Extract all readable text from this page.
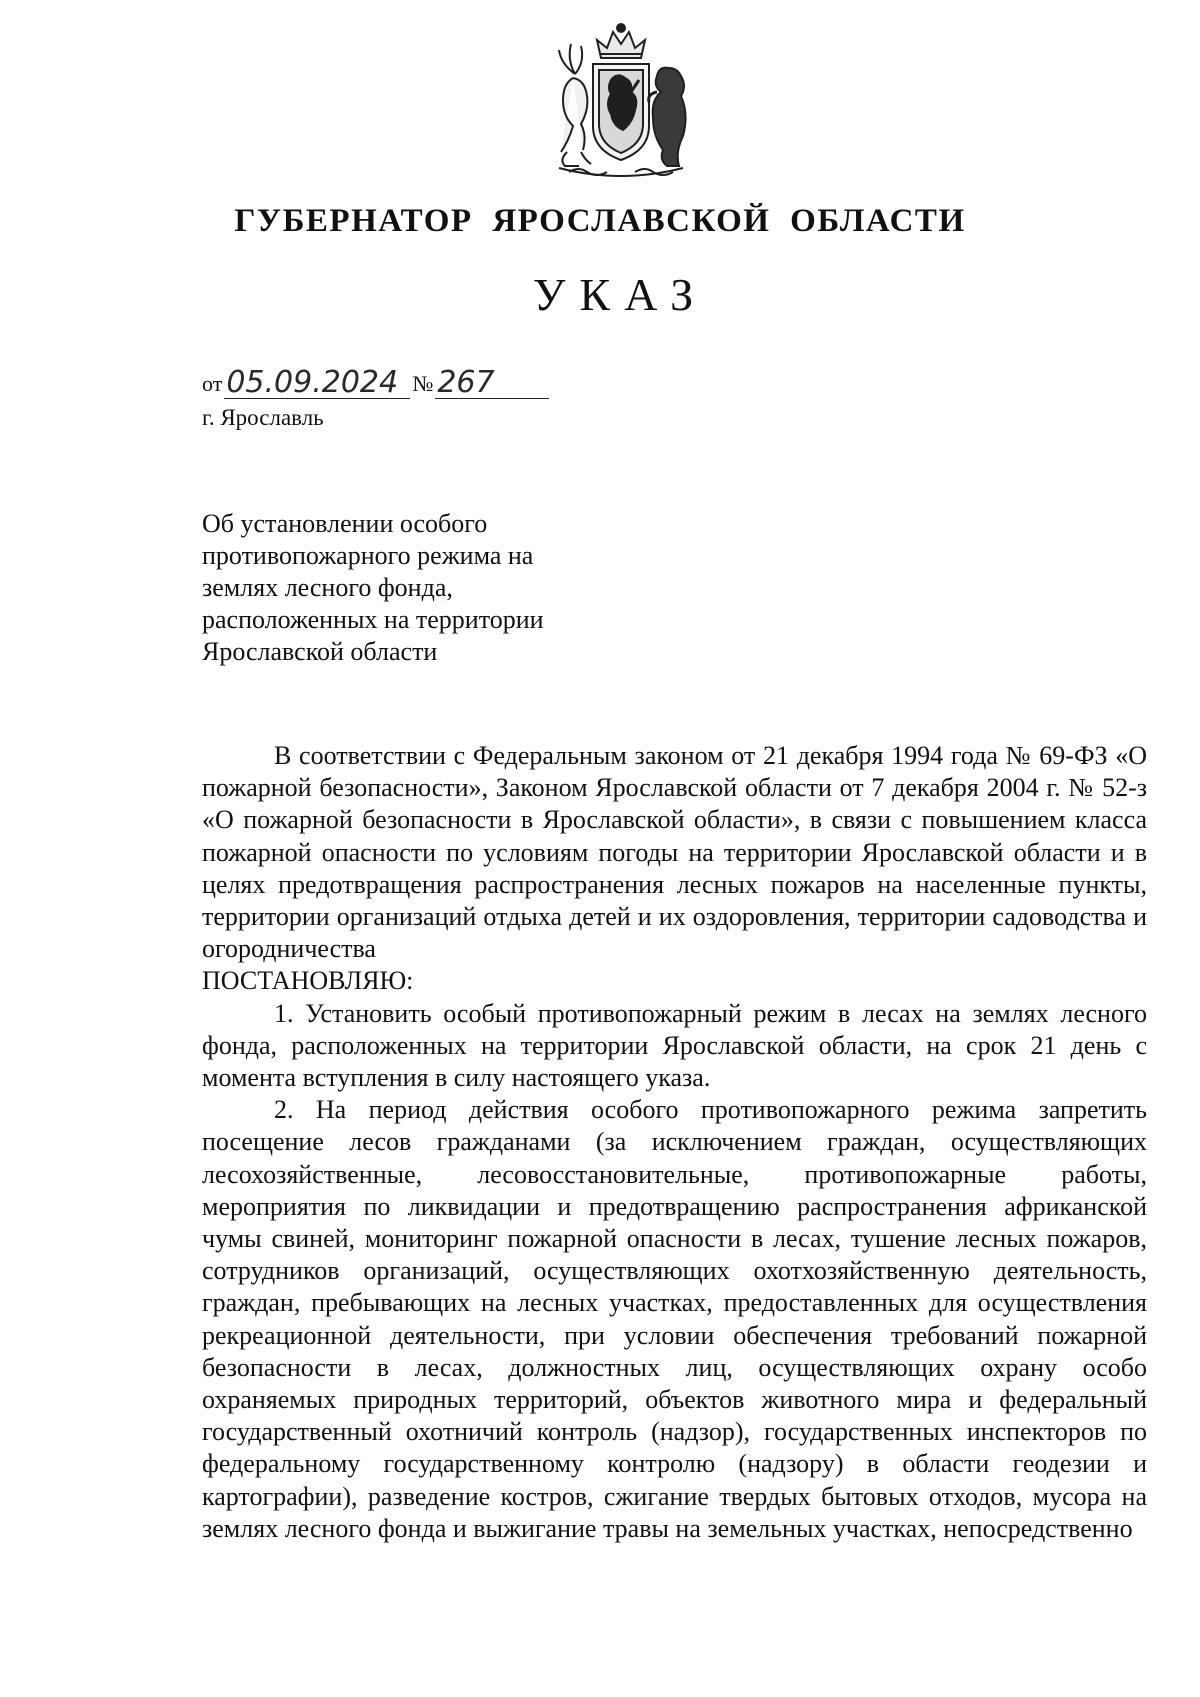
ГУБЕРНАТОР ЯРОСЛАВСКОЙ ОБЛАСТИ
УКАЗ
от 05.09.2024 № 267
г. Ярославль
Об установлении особого
противопожарного режима на
землях лесного фонда,
расположенных на территории
Ярославской области

В соответствии с Федеральным законом от 21 декабря 1994 года № 69-ФЗ «О пожарной безопасности», Законом Ярославской области от 7 декабря 2004 г. № 52-з «О пожарной безопасности в Ярославской области», в связи с повышением класса пожарной опасности по условиям погоды на территории Ярославской области и в целях предотвращения распространения лесных пожаров на населенные пункты, территории организаций отдыха детей и их оздоровления, территории садоводства и огородничества

ПОСТАНОВЛЯЮ:

1. Установить особый противопожарный режим в лесах на землях лесного фонда, расположенных на территории Ярославской области, на срок 21 день с момента вступления в силу настоящего указа.

2. На период действия особого противопожарного режима запретить посещение лесов гражданами (за исключением граждан, осуществляющих лесохозяйственные, лесовосстановительные, противопожарные работы, мероприятия по ликвидации и предотвращению распространения африканской чумы свиней, мониторинг пожарной опасности в лесах, тушение лесных пожаров, сотрудников организаций, осуществляющих охотхозяйственную деятельность, граждан, пребывающих на лесных участках, предоставленных для осуществления рекреационной деятельности, при условии обеспечения требований пожарной безопасности в лесах, должностных лиц, осуществляющих охрану особо охраняемых природных территорий, объектов животного мира и федеральный государственный охотничий контроль (надзор), государственных инспекторов по федеральному государственному контролю (надзору) в области геодезии и картографии), разведение костров, сжигание твердых бытовых отходов, мусора на землях лесного фонда и выжигание травы на земельных участках, непосредственно
